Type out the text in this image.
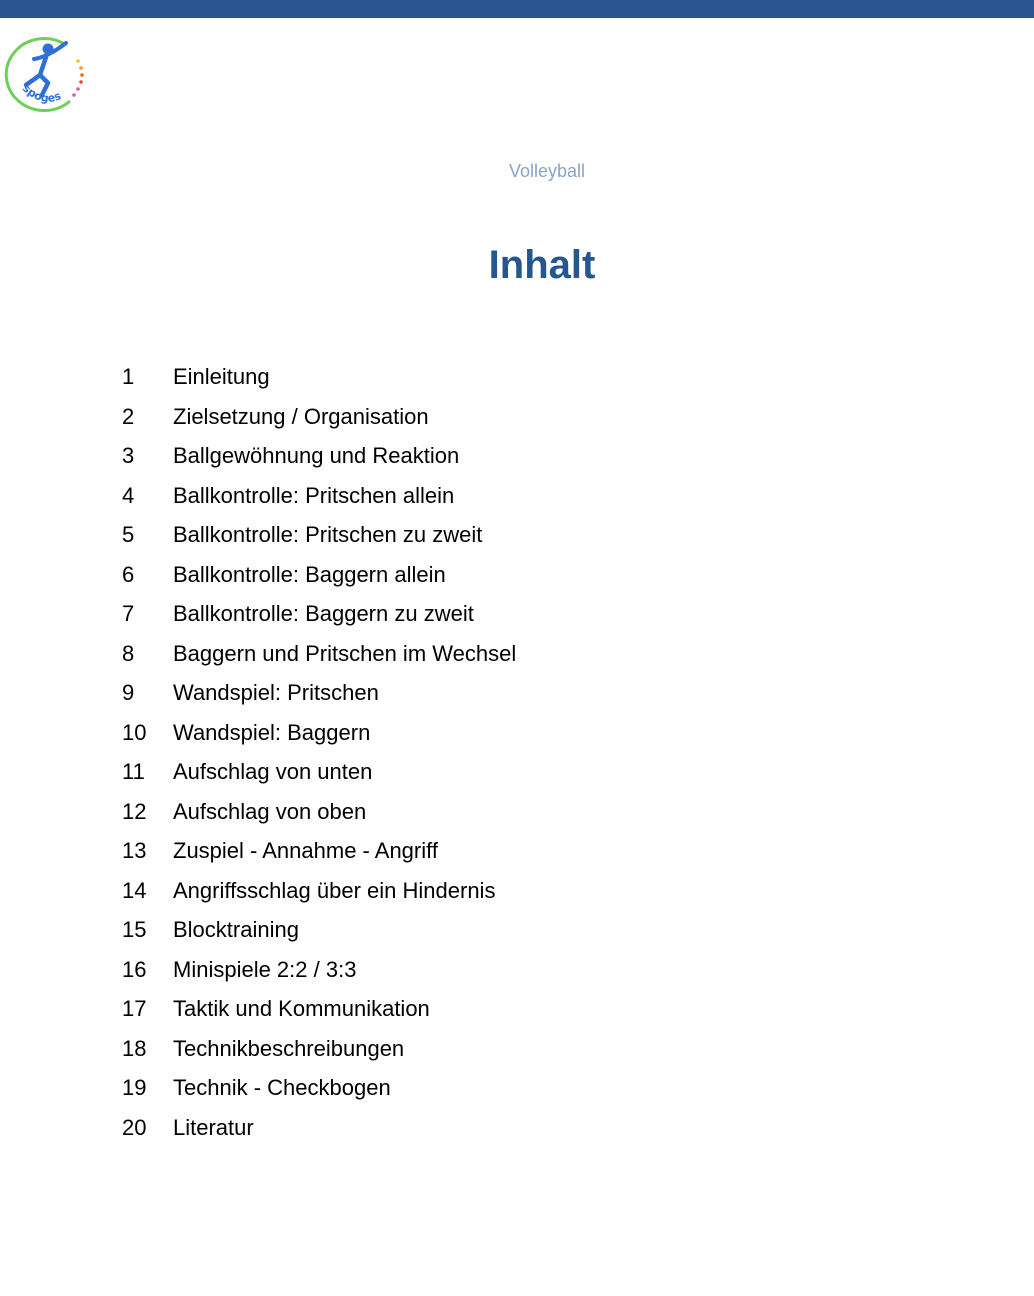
spoges
Volleyball
Inhalt
1 Einleitung
2 Zielsetzung / Organisation
3 Ballgewöhnung und Reaktion
4 Ballkontrolle: Pritschen allein
5 Ballkontrolle: Pritschen zu zweit
6 Ballkontrolle: Baggern allein
7 Ballkontrolle: Baggern zu zweit
8 Baggern und Pritschen im Wechsel
9 Wandspiel: Pritschen
10 Wandspiel: Baggern
11 Aufschlag von unten
12 Aufschlag von oben
13 Zuspiel - Annahme - Angriff
14 Angriffsschlag über ein Hindernis
15 Blocktraining
16 Minispiele 2:2 / 3:3
17 Taktik und Kommunikation
18 Technikbeschreibungen
19 Technik - Checkbogen
20 Literatur
